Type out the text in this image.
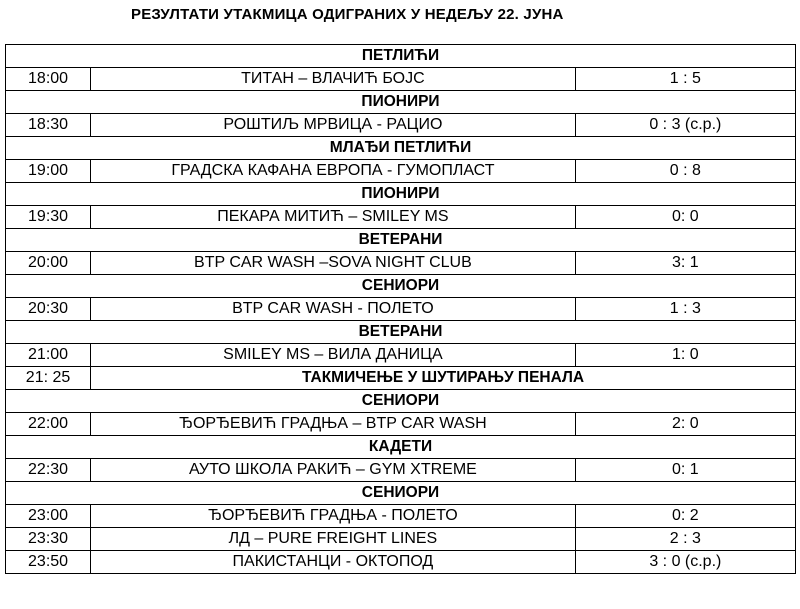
РЕЗУЛТАТИ УТАКМИЦА ОДИГРАНИХ У НЕДЕЉУ 22. ЈУНА
ПЕТЛИЋИ		
18:00	ТИТАН – ВЛАЧИЋ БОЈС	1 : 5
ПИОНИРИ		
18:30	РОШТИЉ МРВИЦА - РАЦИО	0 : 3 (с.р.)
МЛАЂИ ПЕТЛИЋИ		
19:00	ГРАДСКА КАФАНА ЕВРОПА - ГУМОПЛАСТ	0 : 8
ПИОНИРИ		
19:30	ПЕКАРА МИТИЋ – SMILEY MS	0: 0
ВЕТЕРАНИ		
20:00	BTP CAR WASH –SOVA NIGHT CLUB	3: 1
СЕНИОРИ		
20:30	BTP CAR WASH - ПОЛЕТО	1 : 3
ВЕТЕРАНИ		
21:00	SMILEY MS – ВИЛА ДАНИЦА	1: 0
21: 25	ТАКМИЧЕЊЕ У ШУТИРАЊУ ПЕНАЛА	
СЕНИОРИ		
22:00	ЂОРЂЕВИЋ ГРАДЊА – BTP CAR WASH	2: 0
КАДЕТИ		
22:30	АУТО ШКОЛА РАКИЋ – GYM XTREME	0: 1
СЕНИОРИ		
23:00	ЂОРЂЕВИЋ ГРАДЊА - ПОЛЕТО	0: 2
23:30	ЛД – PURE FREIGHT LINES	2 : 3
23:50	ПАКИСТАНЦИ - ОКТОПОД	3 : 0 (с.р.)
